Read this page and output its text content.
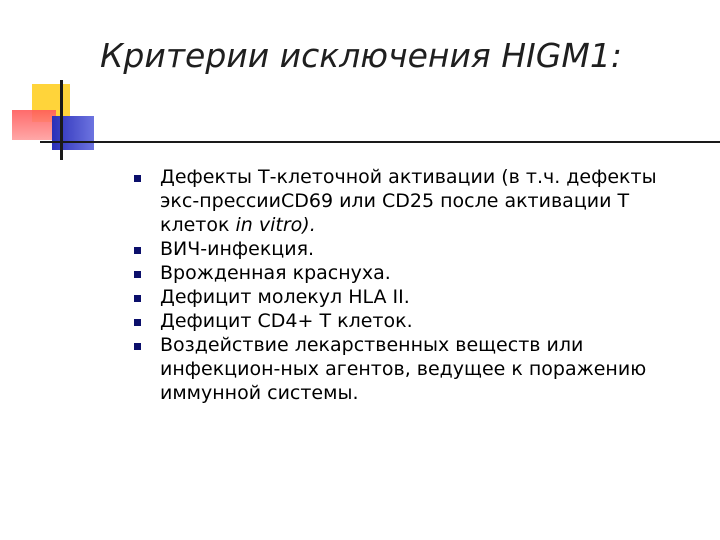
Критерии исключения HIGM1:
Дефекты Т-клеточной активации (в т.ч. дефекты экс-прессииCD69 или CD25 после активации Т клеток in vitro).
ВИЧ-инфекция.
Врожденная краснуха.
Дефицит молекул HLA II.
Дефицит CD4+ T клеток.
Воздействие лекарственных веществ или инфекцион-ных агентов, ведущее к поражению иммунной системы.
